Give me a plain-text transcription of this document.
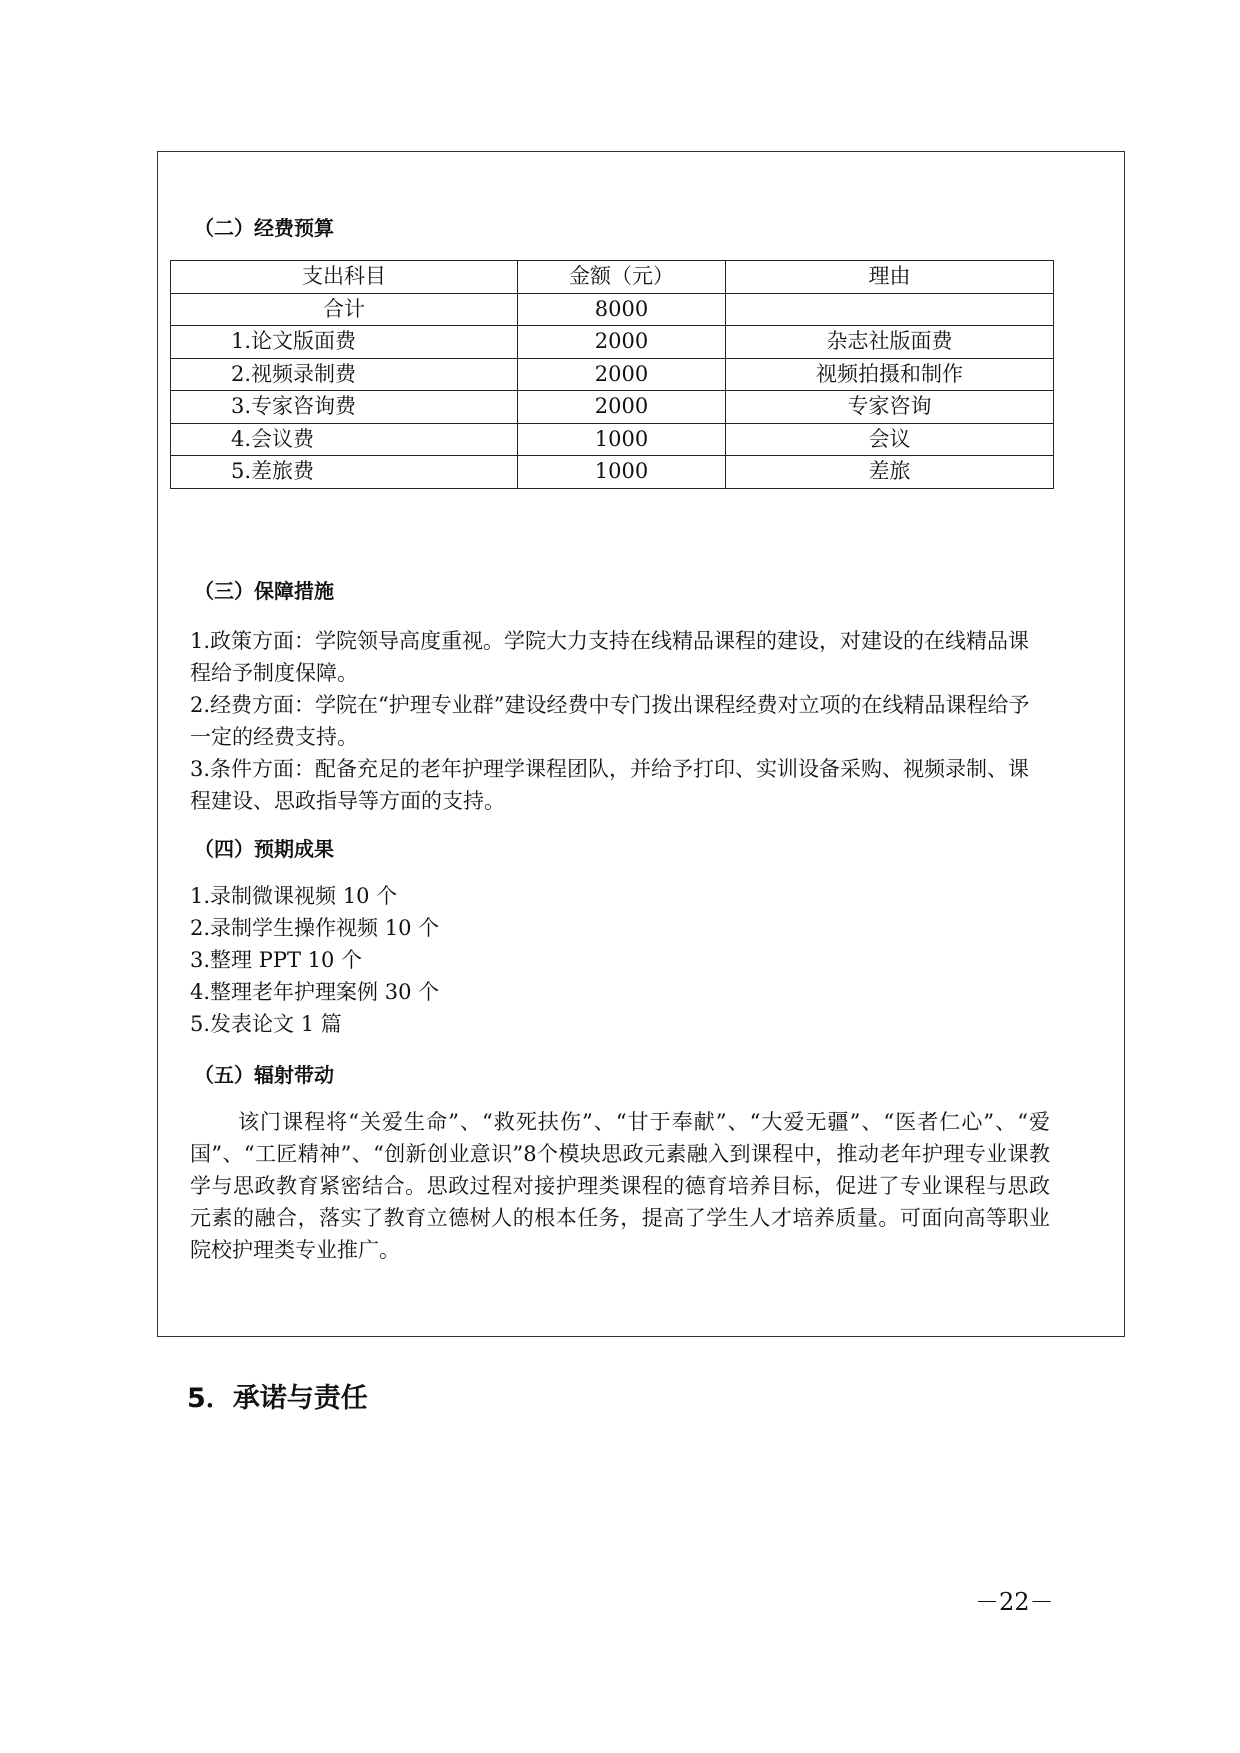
（二）经费预算
支出科目	金额（元）	理由
合计	8000	
1.论文版面费	2000	杂志社版面费
2.视频录制费	2000	视频拍摄和制作
3.专家咨询费	2000	专家咨询
4.会议费	1000	会议
5.差旅费	1000	差旅
（三）保障措施

1.政策方面：学院领导高度重视。学院大力支持在线精品课程的建设，对建设的在线精品课程给予制度保障。

2.经费方面：学院在“护理专业群”建设经费中专门拨出课程经费对立项的在线精品课程给予一定的经费支持。

3.条件方面：配备充足的老年护理学课程团队，并给予打印、实训设备采购、视频录制、课程建设、思政指导等方面的支持。

（四）预期成果
1.录制微课视频 10 个
2.录制学生操作视频 10 个
3.整理 PPT 10 个
4.整理老年护理案例 30 个
5.发表论文 1 篇
（五）辐射带动
该门课程将“关爱生命”、“救死扶伤”、“甘于奉献”、“大爱无疆”、“医者仁心”、“爱国”、“工匠精神”、“创新创业意识”8个模块思政元素融入到课程中，推动老年护理专业课教学与思政教育紧密结合。思政过程对接护理类课程的德育培养目标，促进了专业课程与思政元素的融合，落实了教育立德树人的根本任务，提高了学生人才培养质量。可面向高等职业院校护理类专业推广。
5．承诺与责任
－22－
